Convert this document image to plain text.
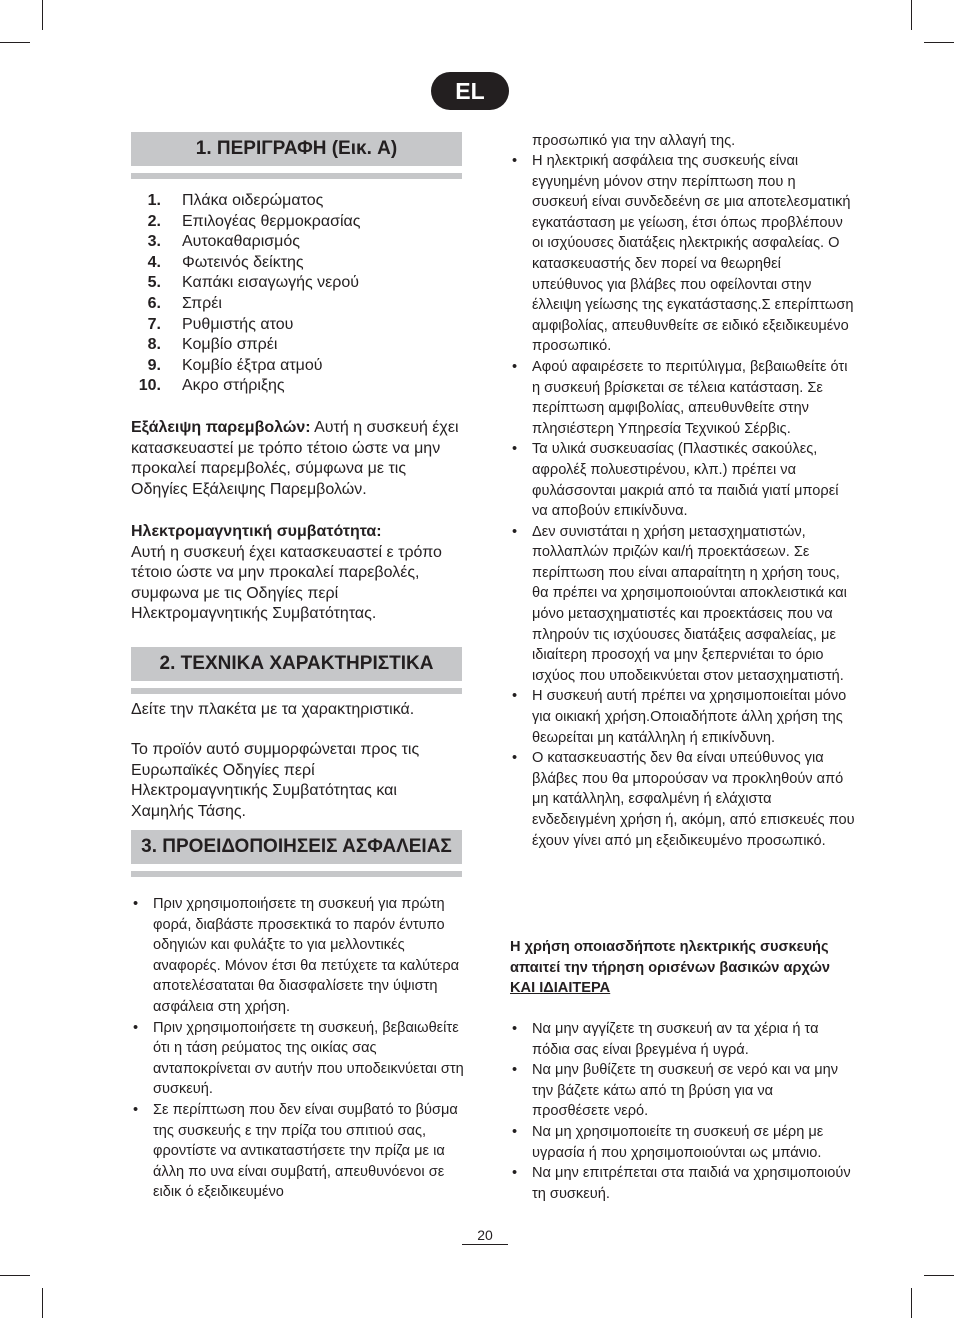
EL
1. ΠΕΡΙΓΡΑΦΗ (Εικ. A)
1. Πλάκα οιδερώματος
2. Επιλογέας θερμοκρασίας
3. Αυτοκαθαρισμός
4. Φωτεινός δείκτης
5. Καπάκι εισαγωγής νερού
6. Σπρέι
7. Ρυθμιστής ατου
8. Κομβίο σπρέι
9. Κομβίο έξτρα ατμού
10. Ακρο στήριξης
Εξάλειψη παρεμβολών: Αυτή η συσκευή έχει κατασκευαστεί με τρόπο τέτοιο ώστε να μην προκαλεί παρεμβολές, σύμφωνα με τις Οδηγίες Εξάλειψης Παρεμβολών.
Ηλεκτρομαγνητική συμβατότητα:
Αυτή η συσκευή έχει κατασκευαστεί ε τρόπο τέτοιο ώστε να μην προκαλεί παρεβολές, συμφωνα με τις Οδηγίες περί Ηλεκτρομαγνητικής Συμβατότητας.
2. ΤΕΧΝΙΚΑ ΧΑΡΑΚΤΗΡΙΣΤΙΚΑ
Δείτε την πλακέτα με τα χαρακτηριστικά.
Το προϊόν αυτό συμμορφώνεται προς τις Ευρωπαϊκές Οδηγίες περί Ηλεκτρομαγνητικής Συμβατότητας και Χαμηλής Τάσης.
3. ΠΡΟΕΙΔΟΠΟΙΗΣΕΙΣ ΑΣΦΑΛΕΙΑΣ
• Πριν χρησιμοποιήσετε τη συσκευή για πρώτη φορά, διαβάστε προσεκτικά το παρόν έντυπο οδηγιών και φυλάξτε το για μελλοντικές αναφορές. Μόνον έτσι θα πετύχετε τα καλύτερα αποτελέσαταται θα διασφαλίσετε την ύψιστη ασφάλεια στη χρήση.
• Πριν χρησιμοποιήσετε τη συσκευή, βεβαιωθείτε ότι η τάση ρεύματος της οικίας σας ανταποκρίνεται σν αυτήν που υποδεικνύεται στη συσκευή.
• Σε περίπτωση που δεν είναι συμβατό το βύσμα της συσκευής ε την πρίζα του σπιτιού σας, φροντίστε να αντικαταστήσετε την πρίζα με ια άλλη πο υνα είναι συμβατή, απευθυνόενοι σε ειδικ ό εξειδικευμένο
προσωπικό για την αλλαγή της.
• Η ηλεκτρική ασφάλεια της συσκευής είναι εγγυημένη μόνον στην περίπτωση που η συσκευή είναι συνδεδεένη σε μια αποτελεσματική εγκατάσταση με γείωση, έτσι όπως προβλέπουν οι ισχύουσες διατάξεις ηλεκτρικής ασφαλείας. Ο κατασκευαστής δεν πορεί να θεωρηθεί υπεύθυνος για βλάβες που οφείλονται στην έλλειψη γείωσης της εγκατάστασης.Σ επερίπτωση αμφιβολίας, απευθυνθείτε σε ειδικό εξειδικευμένο προσωπικό.
• Αφού αφαιρέσετε το περιτύλιγμα, βεβαιωθείτε ότι η συσκευή βρίσκεται σε τέλεια κατάσταση. Σε περίπτωση αμφιβολίας, απευθυνθείτε στην πλησιέστερη Υπηρεσία Τεχνικού Σέρβις.
• Τα υλικά συσκευασίας (Πλαστικές σακούλες, αφρολέξ πολυεστιρένου, κλπ.) πρέπει να φυλάσσονται μακριά από τα παιδιά γιατί μπορεί να αποβούν επικίνδυνα.
• Δεν συνιστάται η χρήση μετασχηματιστών, πολλαπλών πριζών και/ή προεκτάσεων. Σε περίπτωση που είναι απαραίτητη η χρήση τους, θα πρέπει να χρησιμοποιούνται αποκλειστικά και μόνο μετασχηματιστές και προεκτάσεις που να πληρούν τις ισχύουσες διατάξεις ασφαλείας, με ιδιαίτερη προσοχή να μην ξεπερνιέται το όριο ισχύος που υποδεικνύεται στον μετασχηματιστή.
• Η συσκευή αυτή πρέπει να χρησιμοποιείται μόνο για οικιακή χρήση.Οποιαδήποτε άλλη χρήση της θεωρείται μη κατάλληλη ή επικίνδυνη.
• Ο κατασκευαστής δεν θα είναι υπεύθυνος για βλάβες που θα μπορούσαν να προκληθούν από μη κατάλληλη, εσφαλμένη ή ελάχιστα ενδεδειγμένη χρήση ή, ακόμη, από επισκευές που έχουν γίνει από μη εξειδικευμένο προσωπικό.
Η χρήση οποιασδήποτε ηλεκτρικής συσκευής απαιτεί την τήρηση ορισένων βασικών αρχών
ΚΑΙ ΙΔΙΑΙΤΕΡΑ
• Να μην αγγίζετε τη συσκευή αν τα χέρια ή τα πόδια σας είναι βρεγμένα ή υγρά.
• Να μην βυθίζετε τη συσκευή σε νερό και να μην την βάζετε κάτω από τη βρύση για να προσθέσετε νερό.
• Να μη χρησιμοποιείτε τη συσκευή σε μέρη με υγρασία ή που χρησιμοποιούνται ως μπάνιο.
• Να μην επιτρέπεται στα παιδιά να χρησιμοποιούν τη συσκευή.
20
